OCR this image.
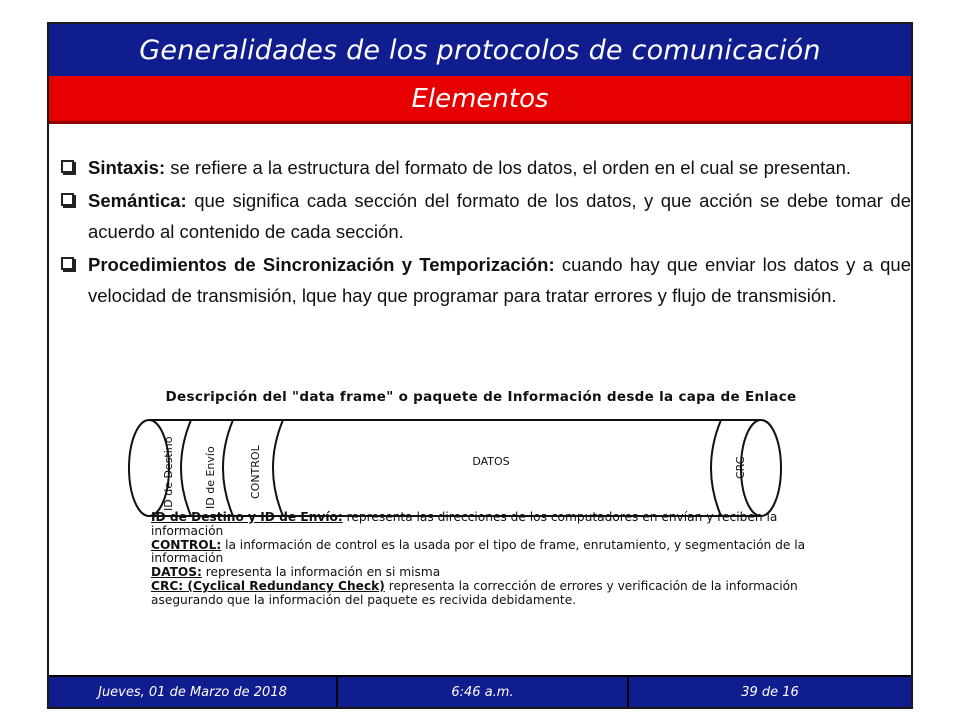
Generalidades de los protocolos de comunicación
Elementos
Sintaxis: se refiere a la estructura del formato de los datos, el orden en el cual se presentan.
Semántica: que significa cada sección del formato de los datos, y que acción se debe tomar de acuerdo al contenido de cada sección.
Procedimientos de Sincronización y Temporización: cuando hay que enviar los datos y a que velocidad de transmisión, lque hay que programar para tratar errores y flujo de transmisión.
Descripción del "data frame" o paquete de Información desde la capa de Enlace
ID de Destino	ID de Envío	CONTROL	DATOS	CRC
ID de Destino y ID de Envío: representa las direcciones de los computadores en envían y reciben la información
CONTROL: la información de control es la usada por el tipo de frame, enrutamiento, y segmentación de la información
DATOS: representa la información en si misma
CRC: (Cyclical Redundancy Check) representa la corrección de errores y verificación de la información asegurando que la información del paquete es recivida debidamente.
Jueves, 01 de Marzo de 2018	6:46 a.m.	39 de 16
